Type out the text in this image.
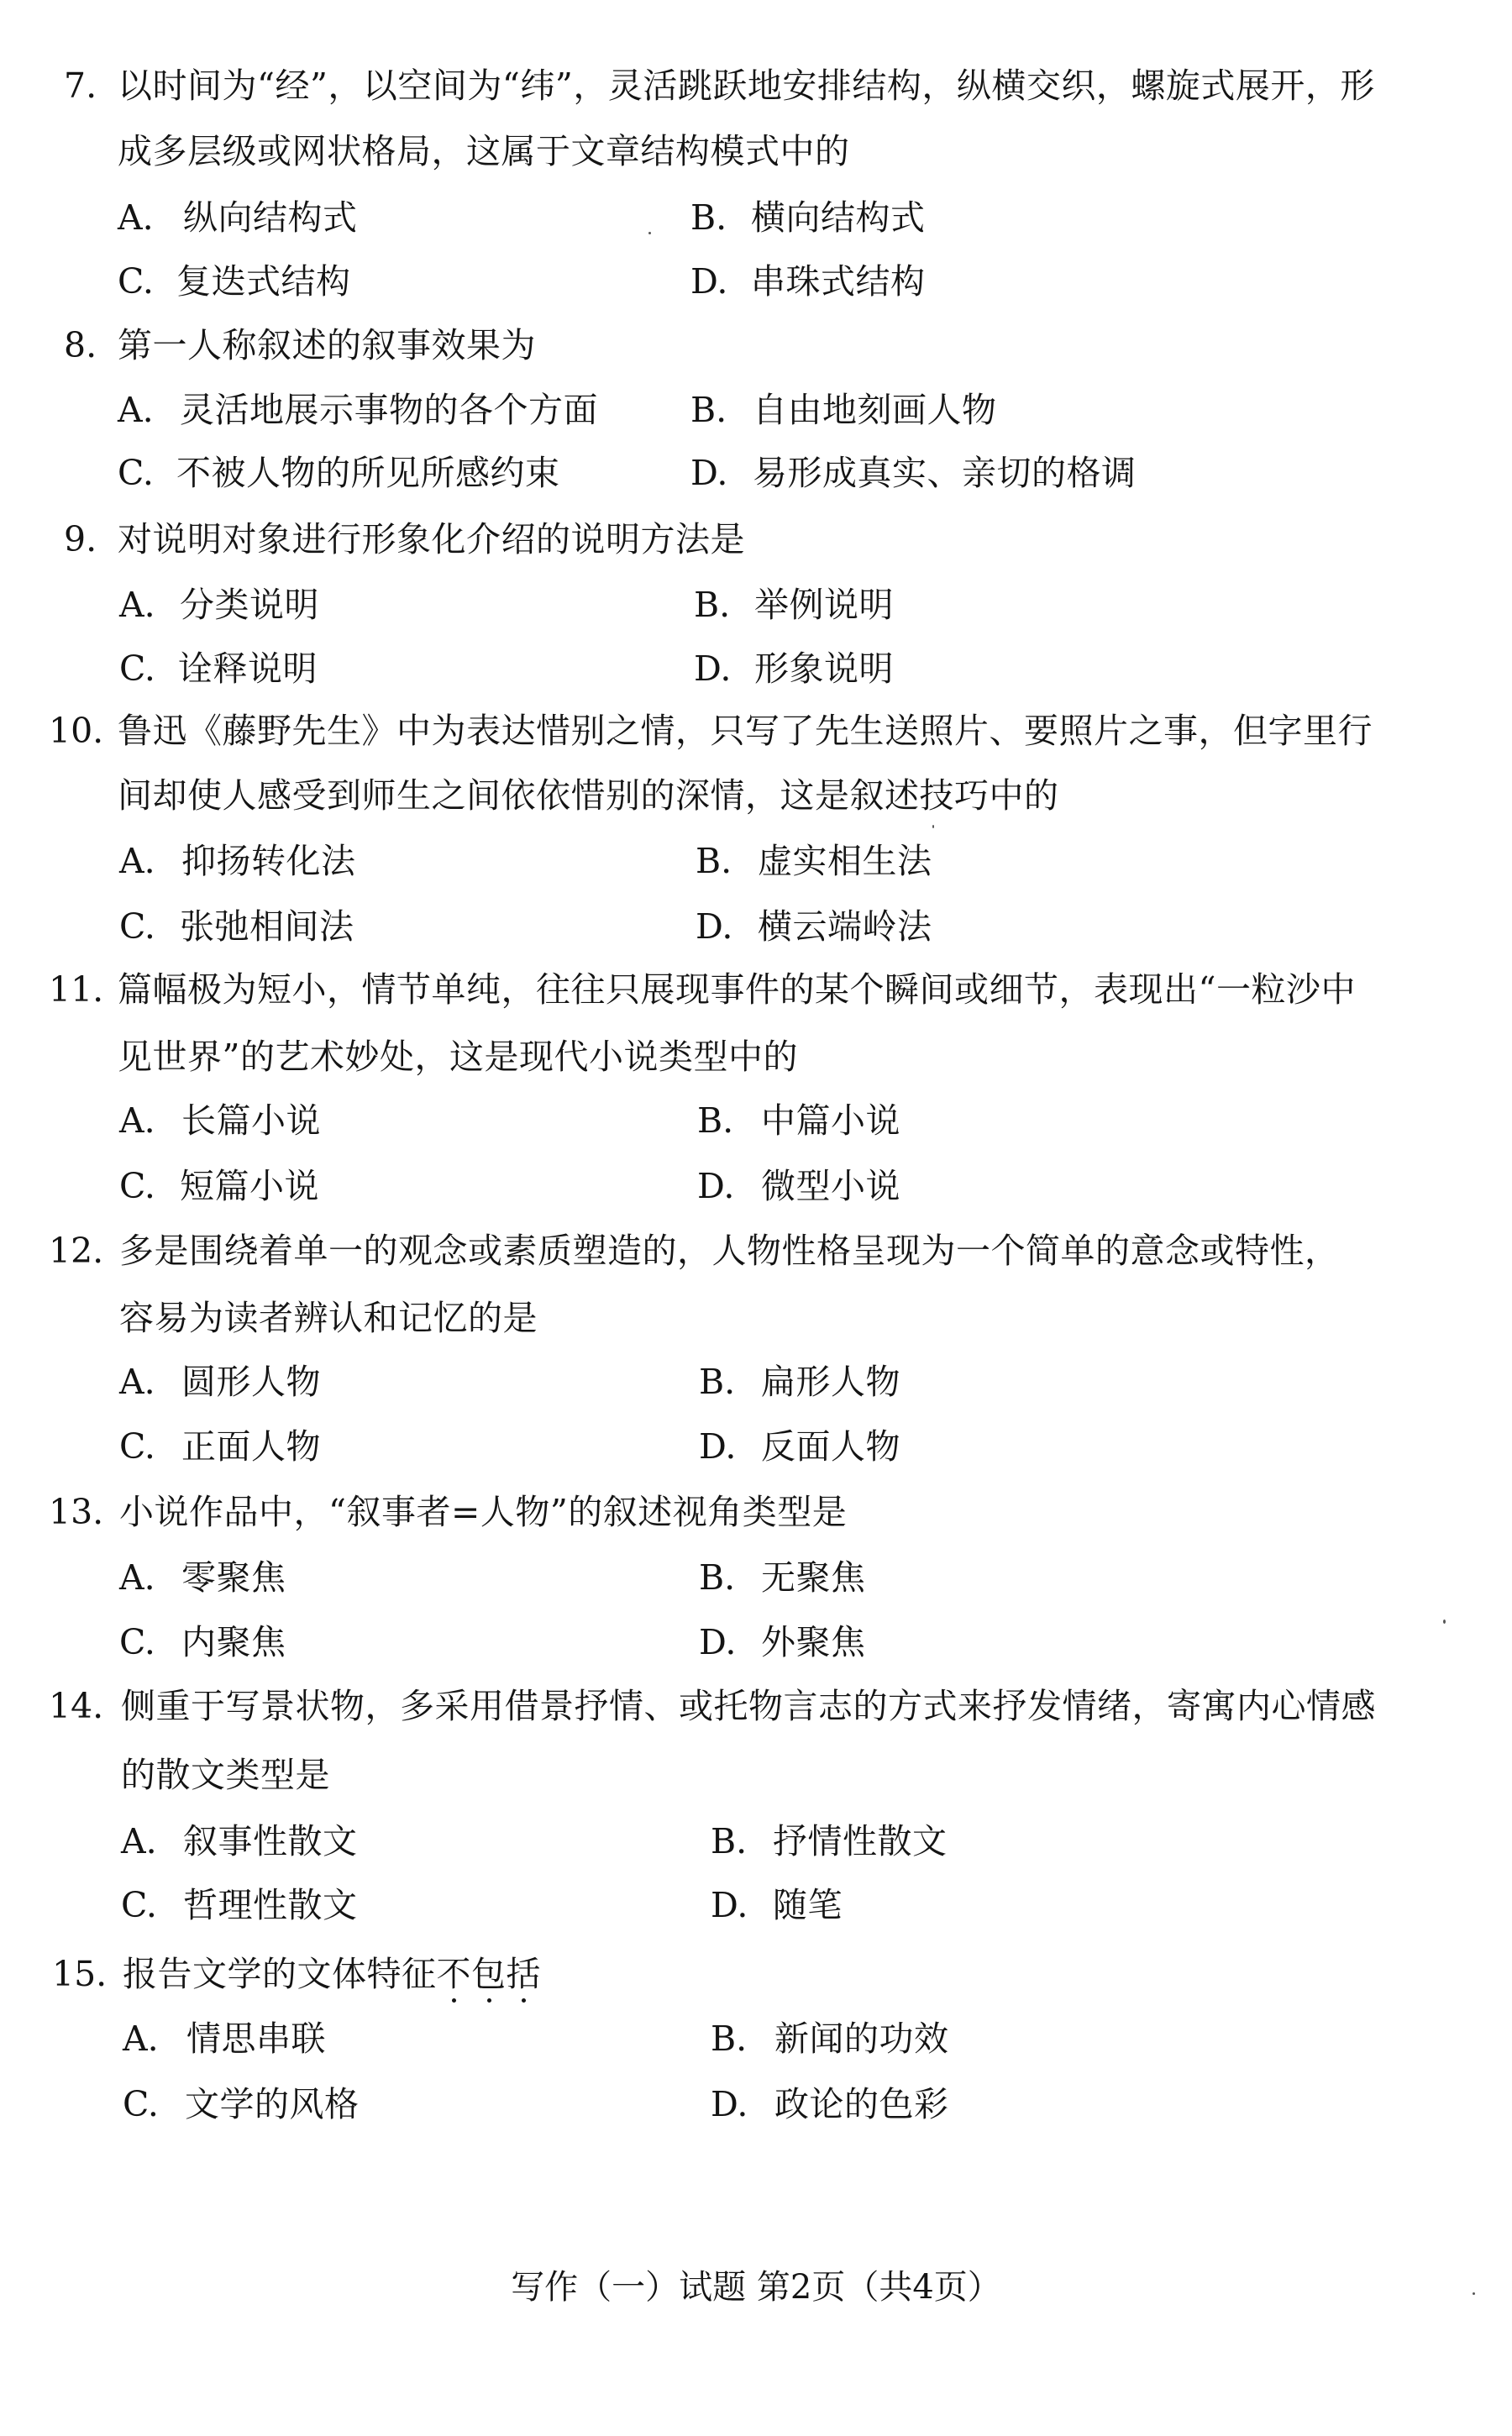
7. 以时间为“经”，以空间为“纬”，灵活跳跃地安排结构，纵横交织，螺旋式展开，形
成多层级或网状格局，这属于文章结构模式中的
A. 纵向结构式	B. 横向结构式
C. 复迭式结构	D. 串珠式结构
8. 第一人称叙述的叙事效果为
A. 灵活地展示事物的各个方面	B. 自由地刻画人物
C. 不被人物的所见所感约束	D. 易形成真实、亲切的格调
9. 对说明对象进行形象化介绍的说明方法是
A. 分类说明	B. 举例说明
C. 诠释说明	D. 形象说明
10. 鲁迅《藤野先生》中为表达惜别之情，只写了先生送照片、要照片之事，但字里行
间却使人感受到师生之间依依惜别的深情，这是叙述技巧中的
A. 抑扬转化法	B. 虚实相生法
C. 张弛相间法	D. 横云端岭法
11. 篇幅极为短小，情节单纯，往往只展现事件的某个瞬间或细节，表现出“一粒沙中
见世界”的艺术妙处，这是现代小说类型中的
A. 长篇小说	B. 中篇小说
C. 短篇小说	D. 微型小说
12. 多是围绕着单一的观念或素质塑造的，人物性格呈现为一个简单的意念或特性，
容易为读者辨认和记忆的是
A. 圆形人物	B. 扁形人物
C. 正面人物	D. 反面人物
13. 小说作品中，“叙事者=人物”的叙述视角类型是
A. 零聚焦	B. 无聚焦
C. 内聚焦	D. 外聚焦
14. 侧重于写景状物，多采用借景抒情、或托物言志的方式来抒发情绪，寄寓内心情感
的散文类型是
A. 叙事性散文	B. 抒情性散文
C. 哲理性散文	D. 随笔
15. 报告文学的文体特征不
包
括
A. 情思串联	B. 新闻的功效
C. 文学的风格	D. 政论的色彩
写作（一）试题 第2页（共4页）
